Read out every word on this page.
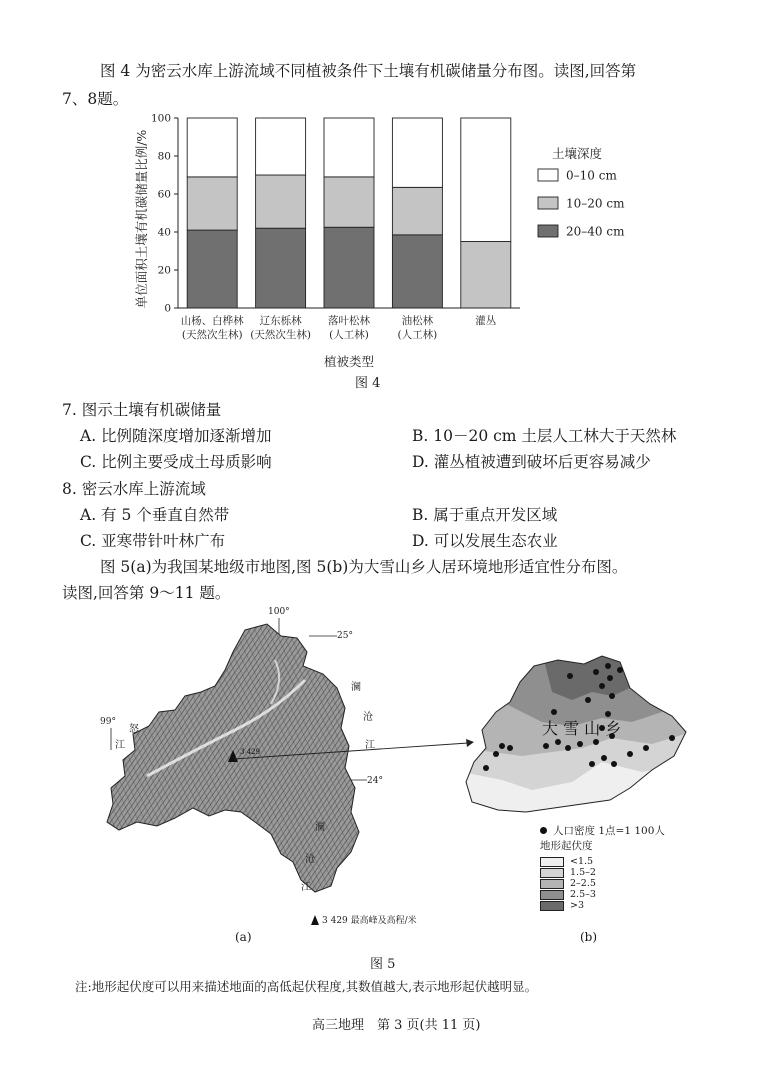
图 4 为密云水库上游流域不同植被条件下土壤有机碳储量分布图。读图,回答第
7、8题。
0
20
40
60
80
100
单位面积土壤有机碳储量比例/%
山杨、白桦林
(天然次生林)
辽东栎林
(天然次生林)
落叶松林
(人工林)
油松林
(人工林)
灌丛
植被类型
土壤深度
0–10 cm
10–20 cm
20–40 cm
图 4
7. 图示土壤有机碳储量
A. 比例随深度增加逐渐增加	B. 10－20 cm 土层人工林大于天然林
C. 比例主要受成土母质影响	D. 灌丛植被遭到破坏后更容易减少
8. 密云水库上游流域
A. 有 5 个垂直自然带	B. 属于重点开发区域
C. 亚寒带针叶林广布	D. 可以发展生态农业
图 5(a)为我国某地级市地图,图 5(b)为大雪山乡人居环境地形适宜性分布图。
读图,回答第 9～11 题。
3 429
100°
25°
99°
24°
江
怒
澜
沧
江
澜
沧
江
3 429 最高峰及高程/米
(a)
大 雪 山 乡
人口密度 1点=1 100人
地形起伏度
<1.5
1.5–2
2–2.5
2.5–3
>3
(b)
图 5
注:地形起伏度可以用来描述地面的高低起伏程度,其数值越大,表示地形起伏越明显。
高三地理　第 3 页(共 11 页)
